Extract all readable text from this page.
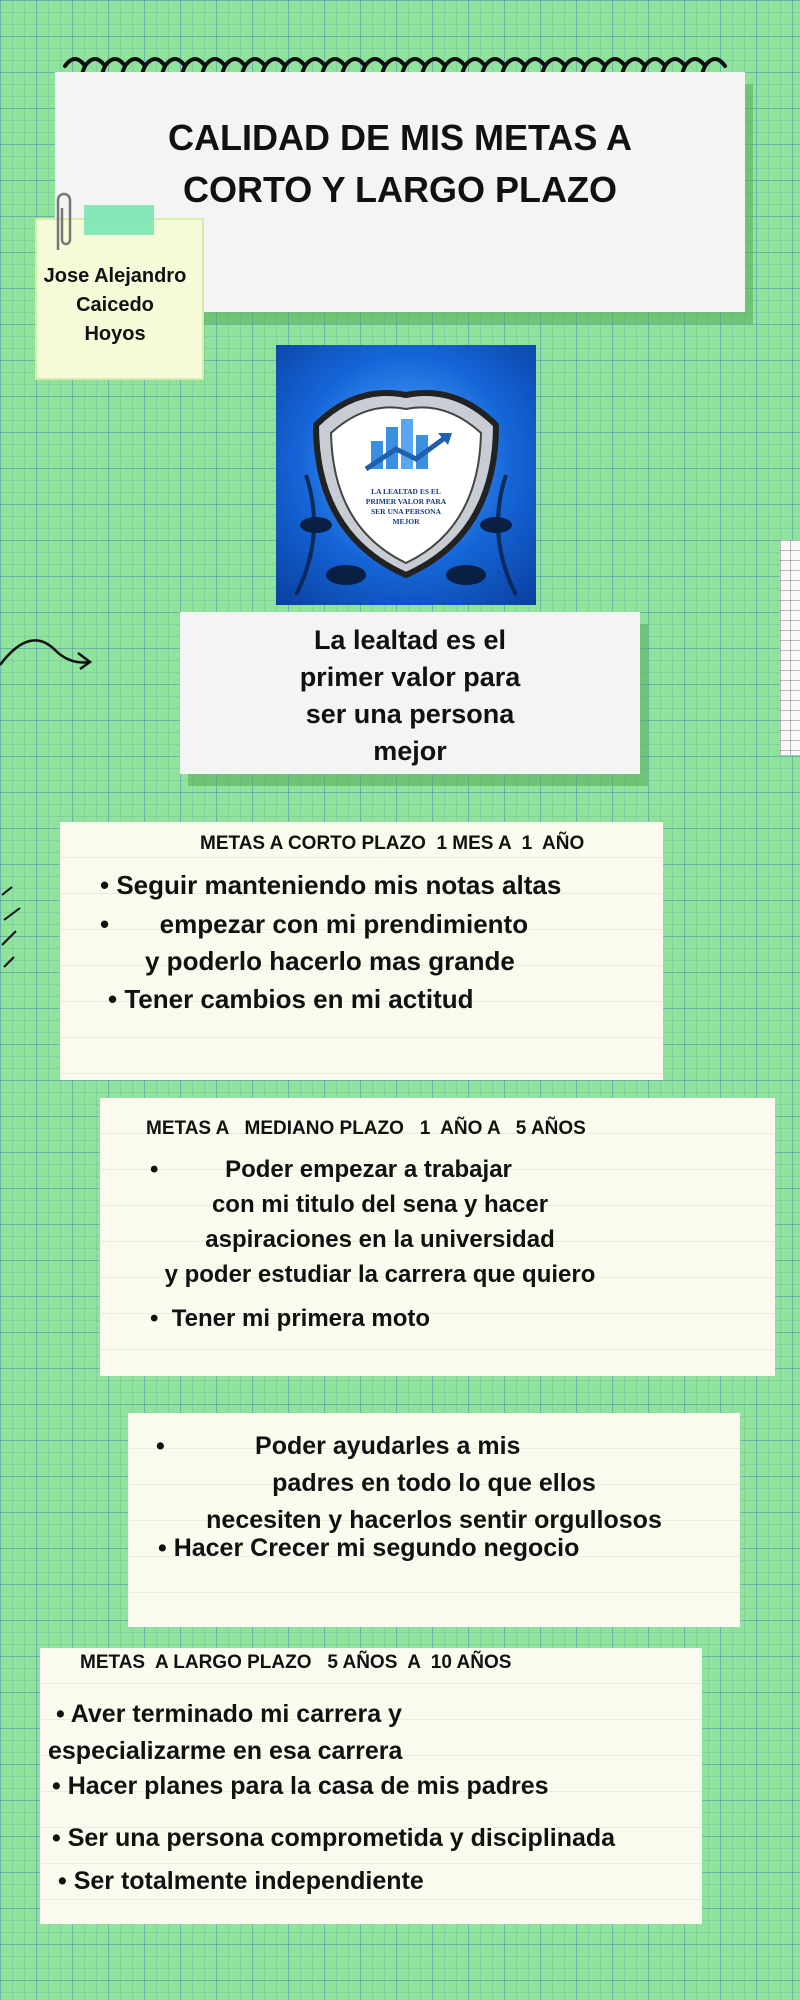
CALIDAD DE MIS METAS A
CORTO Y LARGO PLAZO
Jose Alejandro
Caicedo
Hoyos
LA LEALTAD ES EL
PRIMER VALOR PARA
SER UNA PERSONA
MEJOR
La lealtad es el
primer valor para
ser una persona
mejor
METAS A CORTO PLAZO  1 MES A  1  AÑO
• Seguir manteniendo mis notas altas
•       empezar con mi prendimiento
y poderlo hacerlo mas grande
• Tener cambios en mi actitud
METAS A   MEDIANO PLAZO   1  AÑO A   5 AÑOS
•          Poder empezar a trabajar
con mi titulo del sena y hacer
aspiraciones en la universidad
y poder estudiar la carrera que quiero
•  Tener mi primera moto
•             Poder ayudarles a mis
padres en todo lo que ellos
necesiten y hacerlos sentir orgullosos
• Hacer Crecer mi segundo negocio
METAS  A LARGO PLAZO   5 AÑOS  A  10 AÑOS
• Aver terminado mi carrera y
especializarme en esa carrera
• Hacer planes para la casa de mis padres
• Ser una persona comprometida y disciplinada
• Ser totalmente independiente
